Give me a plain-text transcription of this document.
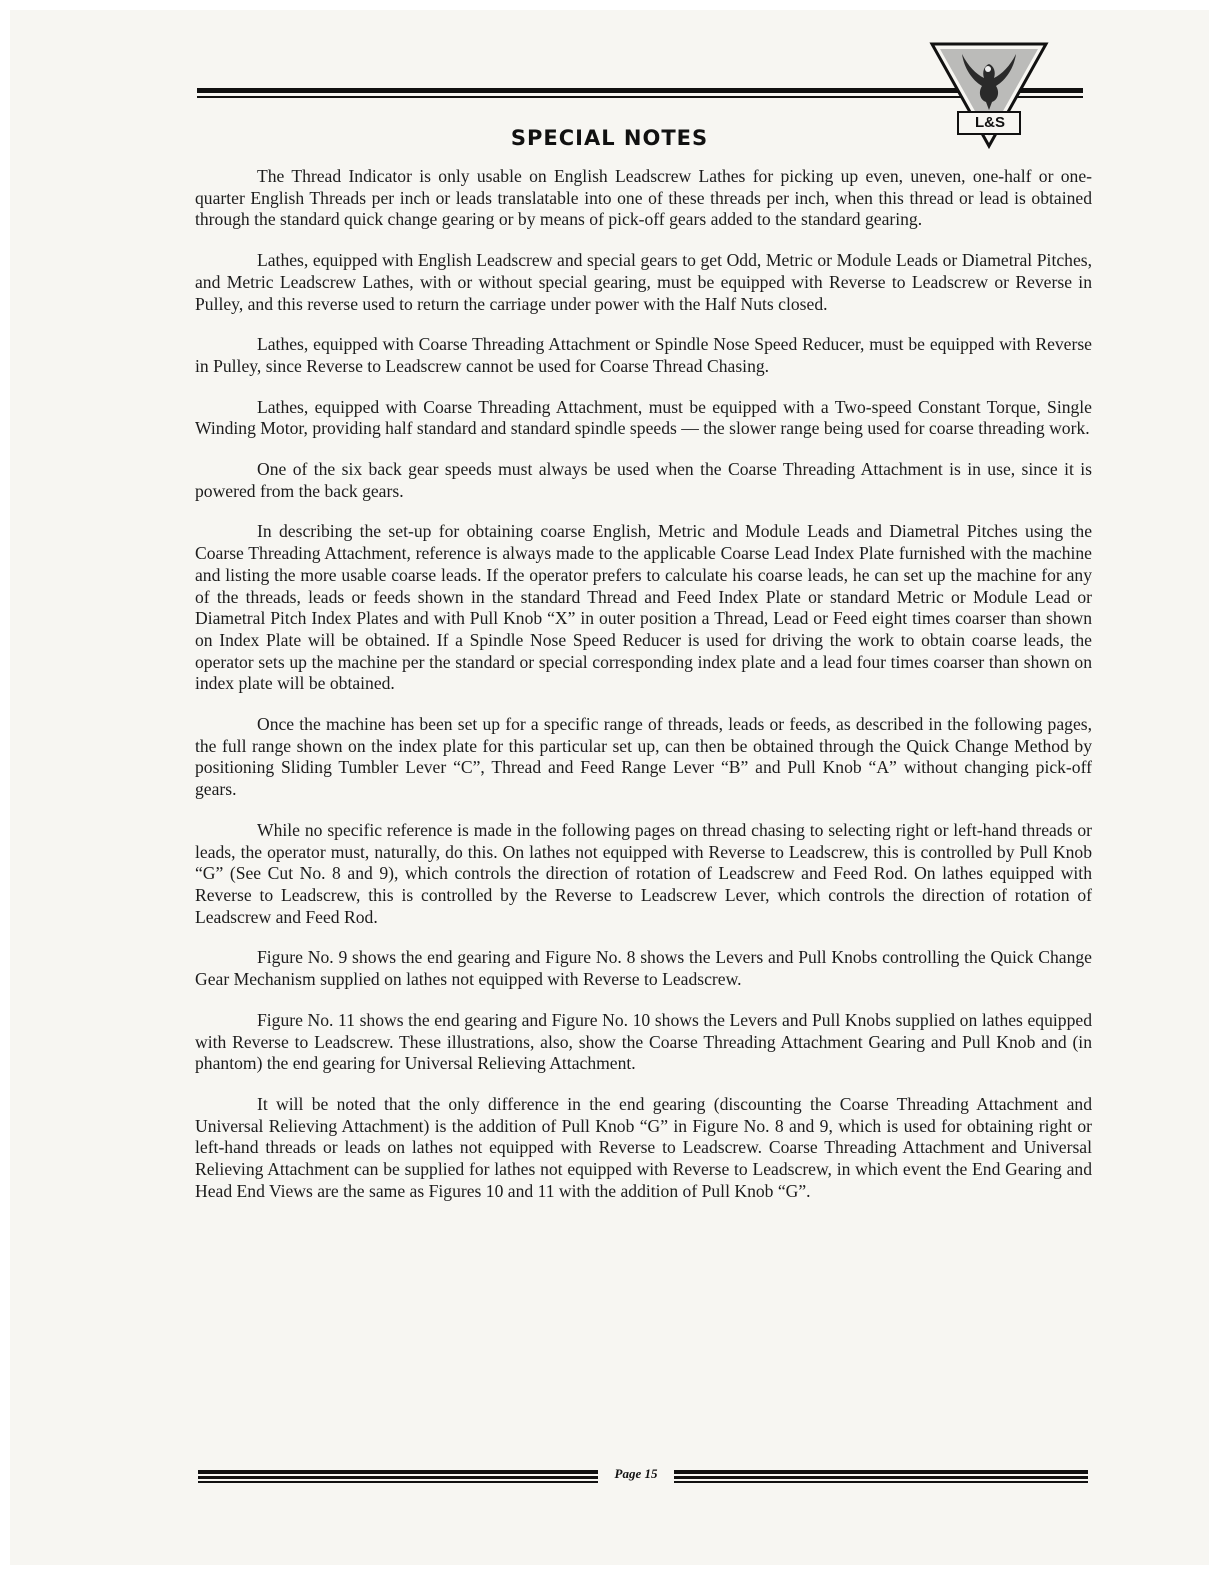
L&S
SPECIAL NOTES

The Thread Indicator is only usable on English Leadscrew Lathes for picking up even, uneven, one-half or one-quarter English Threads per inch or leads translatable into one of these threads per inch, when this thread or lead is obtained through the standard quick change gearing or by means of pick-off gears added to the standard gearing.

Lathes, equipped with English Leadscrew and special gears to get Odd, Metric or Module Leads or Diametral Pitches, and Metric Leadscrew Lathes, with or without special gearing, must be equipped with Reverse to Leadscrew or Reverse in Pulley, and this reverse used to return the carriage under power with the Half Nuts closed.

Lathes, equipped with Coarse Threading Attachment or Spindle Nose Speed Reducer, must be equipped with Reverse in Pulley, since Reverse to Leadscrew cannot be used for Coarse Thread Chasing.

Lathes, equipped with Coarse Threading Attachment, must be equipped with a Two-speed Constant Torque, Single Winding Motor, providing half standard and standard spindle speeds — the slower range being used for coarse threading work.

One of the six back gear speeds must always be used when the Coarse Threading Attachment is in use, since it is powered from the back gears.

In describing the set-up for obtaining coarse English, Metric and Module Leads and Diametral Pitches using the Coarse Threading Attachment, reference is always made to the applicable Coarse Lead Index Plate furnished with the machine and listing the more usable coarse leads. If the operator prefers to calculate his coarse leads, he can set up the machine for any of the threads, leads or feeds shown in the standard Thread and Feed Index Plate or standard Metric or Module Lead or Diametral Pitch Index Plates and with Pull Knob “X” in outer position a Thread, Lead or Feed eight times coarser than shown on Index Plate will be obtained. If a Spindle Nose Speed Reducer is used for driving the work to obtain coarse leads, the operator sets up the machine per the standard or special corresponding index plate and a lead four times coarser than shown on index plate will be obtained.

Once the machine has been set up for a specific range of threads, leads or feeds, as described in the following pages, the full range shown on the index plate for this particular set up, can then be obtained through the Quick Change Method by positioning Sliding Tumbler Lever “C”, Thread and Feed Range Lever “B” and Pull Knob “A” without changing pick-off gears.

While no specific reference is made in the following pages on thread chasing to selecting right or left-hand threads or leads, the operator must, naturally, do this. On lathes not equipped with Reverse to Leadscrew, this is controlled by Pull Knob “G” (See Cut No. 8 and 9), which controls the direction of rotation of Leadscrew and Feed Rod. On lathes equipped with Reverse to Leadscrew, this is controlled by the Reverse to Leadscrew Lever, which controls the direction of rotation of Leadscrew and Feed Rod.

Figure No. 9 shows the end gearing and Figure No. 8 shows the Levers and Pull Knobs controlling the Quick Change Gear Mechanism supplied on lathes not equipped with Reverse to Leadscrew.

Figure No. 11 shows the end gearing and Figure No. 10 shows the Levers and Pull Knobs supplied on lathes equipped with Reverse to Leadscrew. These illustrations, also, show the Coarse Threading Attachment Gearing and Pull Knob and (in phantom) the end gearing for Universal Relieving Attachment.

It will be noted that the only difference in the end gearing (discounting the Coarse Threading Attachment and Universal Relieving Attachment) is the addition of Pull Knob “G” in Figure No. 8 and 9, which is used for obtaining right or left-hand threads or leads on lathes not equipped with Reverse to Leadscrew. Coarse Threading Attachment and Universal Relieving Attachment can be supplied for lathes not equipped with Reverse to Leadscrew, in which event the End Gearing and Head End Views are the same as Figures 10 and 11 with the addition of Pull Knob “G”.

Page 15
